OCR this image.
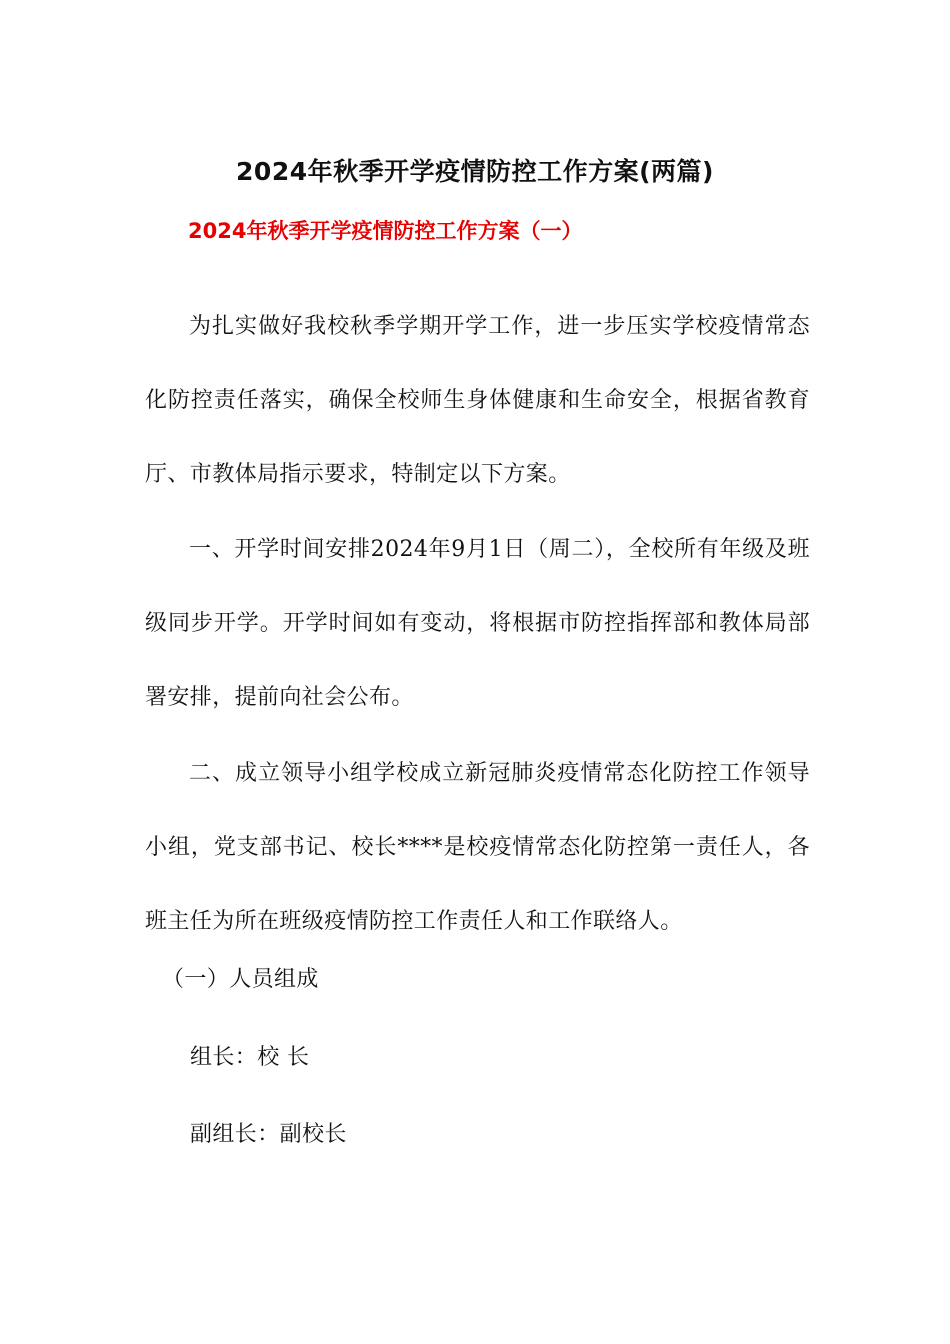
2024年秋季开学疫情防控工作方案(两篇)
2024年秋季开学疫情防控工作方案（一）
为扎实做好我校秋季学期开学工作，进一步压实学校疫情常态化防控责任落实，确保全校师生身体健康和生命安全，根据省教育厅、市教体局指示要求，特制定以下方案。
一、开学时间安排2024年9月1日（周二），全校所有年级及班级同步开学。开学时间如有变动，将根据市防控指挥部和教体局部署安排，提前向社会公布。
二、成立领导小组学校成立新冠肺炎疫情常态化防控工作领导小组，党支部书记、校长****是校疫情常态化防控第一责任人，各班主任为所在班级疫情防控工作责任人和工作联络人。
（一）人员组成
组长：校 长
副组长：副校长
